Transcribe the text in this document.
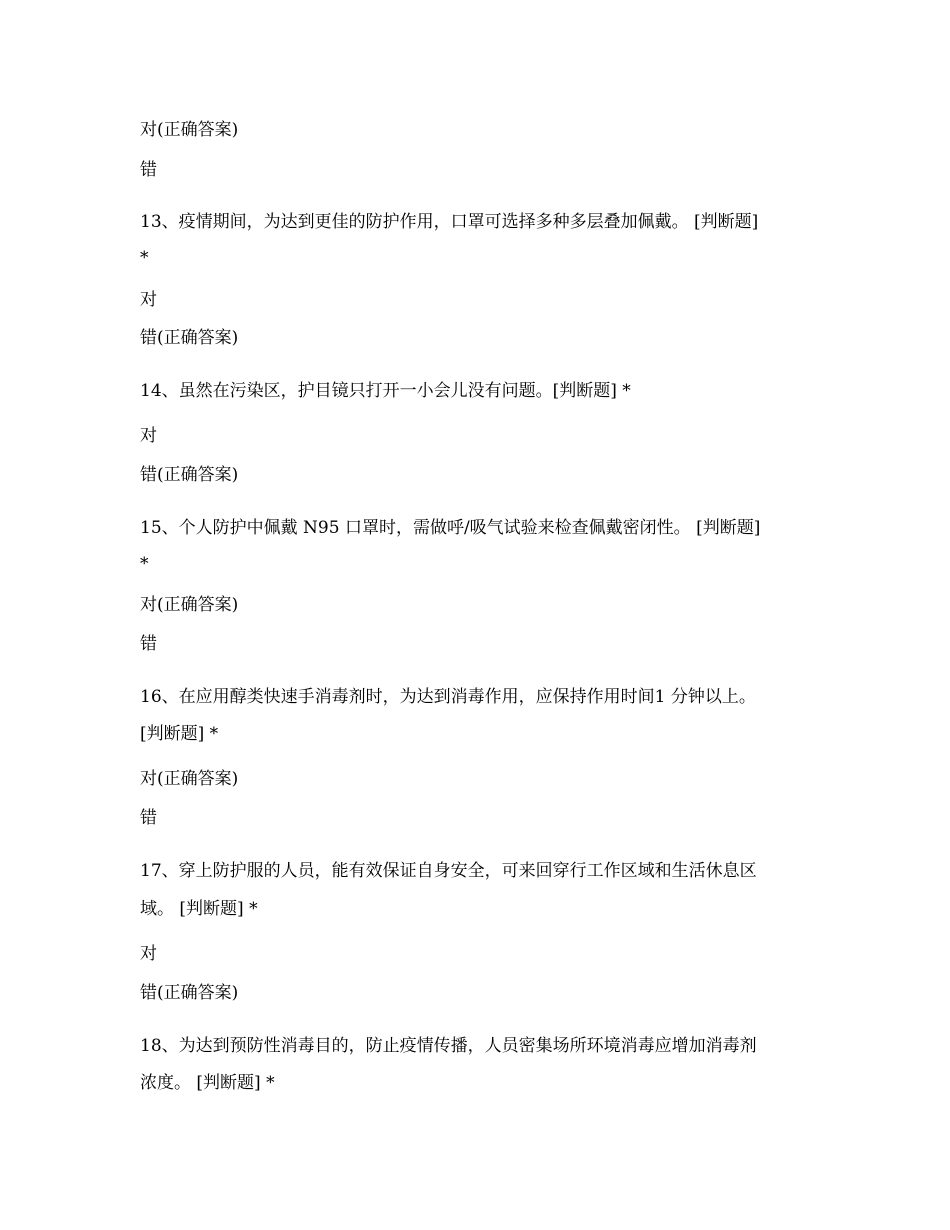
对(正确答案)
错
13、疫情期间，为达到更佳的防护作用，口罩可选择多种多层叠加佩戴。 [判断题]
*
对
错(正确答案)
14、虽然在污染区，护目镜只打开一小会儿没有问题。[判断题] *
对
错(正确答案)
15、个人防护中佩戴 N95 口罩时，需做呼/吸气试验来检查佩戴密闭性。 [判断题]
*
对(正确答案)
错
16、在应用醇类快速手消毒剂时，为达到消毒作用，应保持作用时间1 分钟以上。
[判断题] *
对(正确答案)
错
17、穿上防护服的人员，能有效保证自身安全，可来回穿行工作区域和生活休息区
域。 [判断题] *
对
错(正确答案)
18、为达到预防性消毒目的，防止疫情传播，人员密集场所环境消毒应增加消毒剂
浓度。 [判断题] *
